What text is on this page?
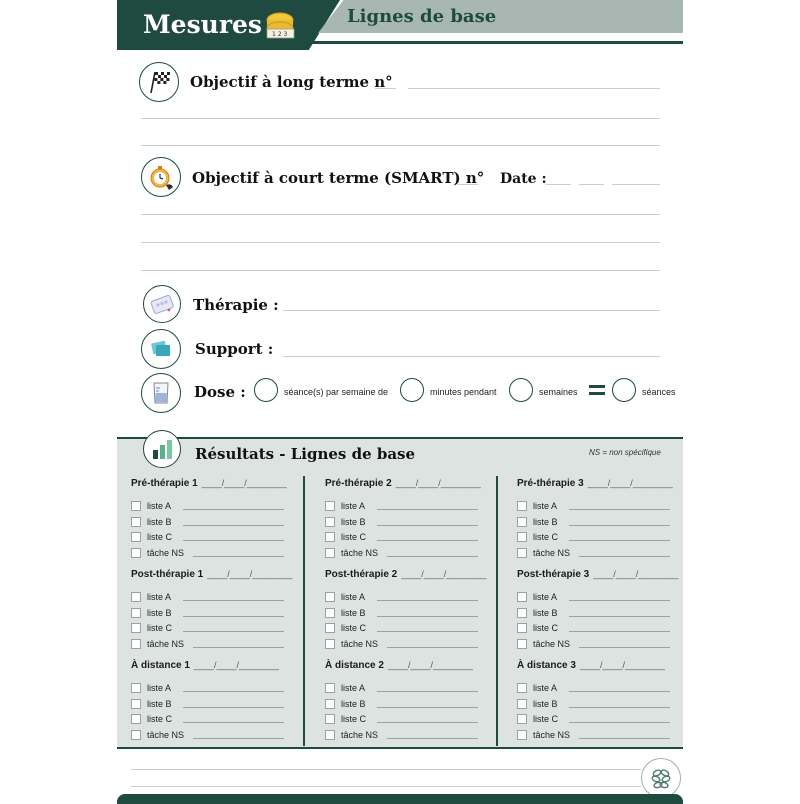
Mesures 1 2 3
Lignes de base
Objectif à long terme n°
Objectif à court terme (SMART) n° Date :
Thérapie :
Support :
Dose :	séance(s) par semaine de	minutes pendant	semaines	séances
Résultats - Lignes de base	NS = non spécifique
Pré-thérapie 1 ____/____/________
liste A
liste B
liste C
tâche NS
Post-thérapie 1 ____/____/________
liste A
liste B
liste C
tâche NS
À distance 1 ____/____/________
liste A
liste B
liste C
tâche NS
Pré-thérapie 2 ____/____/________
liste A
liste B
liste C
tâche NS
Post-thérapie 2 ____/____/________
liste A
liste B
liste C
tâche NS
À distance 2 ____/____/________
liste A
liste B
liste C
tâche NS
Pré-thérapie 3 ____/____/________
liste A
liste B
liste C
tâche NS
Post-thérapie 3 ____/____/________
liste A
liste B
liste C
tâche NS
À distance 3 ____/____/________
liste A
liste B
liste C
tâche NS
